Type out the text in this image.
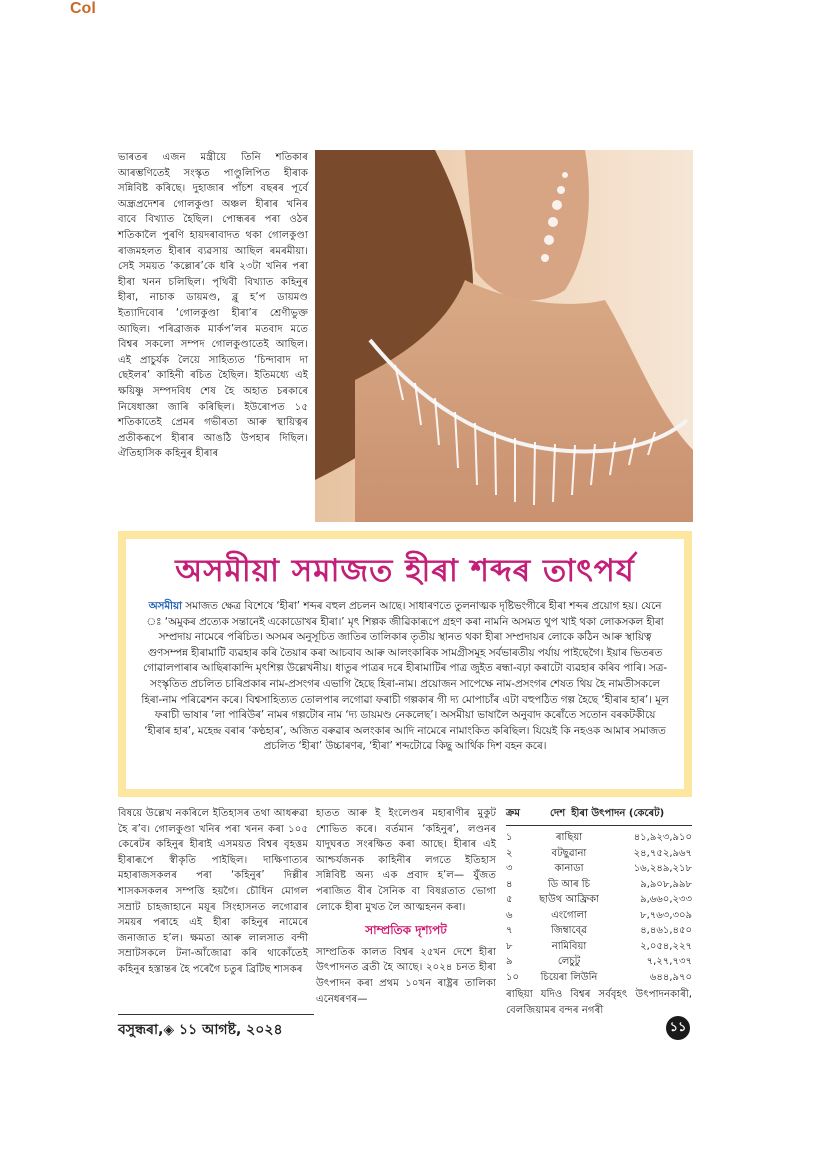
Col
ভাৰতৰ এজন মন্ত্ৰীয়ে তিনি শতিকাৰ আৰম্ভণিতেই সংস্কৃত পাণ্ডুলিপিত হীৰাক সন্নিবিষ্ট কৰিছে। দুহাজাৰ পাঁচশ বছৰৰ পূৰ্বে অন্ধ্ৰপ্ৰদেশৰ গোলকুণ্ডা অঞ্চল হীৰাৰ খনিৰ বাবে বিখ্যাত হৈছিল। পোন্ধৰৰ পৰা ওঠৰ শতিকালৈ পুৰণি হায়দৰাবাদত থকা গোলকুণ্ডা ৰাজমহলত হীৰাৰ ব্যৱসায় আছিল ৰমৰমীয়া। সেই সময়ত ‘কল্লোৰ’কে ধৰি ২৩টা খনিৰ পৰা হীৰা খনন চলিছিল। পৃথিবী বিখ্যাত কহিনুৰ হীৰা, নাচাক ডায়মণ্ড, ব্লু হ’প ডায়মণ্ড ইত্যাদিবোৰ ‘গোলকুণ্ডা হীৰা’ৰ শ্ৰেণীভুক্ত আছিল। পৰিব্ৰাজক মাৰ্কপ’লৰ মতবাদ মতে বিশ্বৰ সকলো সম্পদ গোলকুণ্ডাতেই আছিল। এই প্ৰাচুৰ্যক লৈয়ে সাহিত্যত ‘চিন্দাবাদ দা ছেইলৰ’ কাহিনী ৰচিত হৈছিল। ইতিমধ্যে এই ক্ষয়িষ্ণু সম্পদবিধ শেষ হৈ অহাত চৰকাৰে নিষেধাজ্ঞা জাৰি কৰিছিল। ইউৰোপত ১৫ শতিকাতেই প্ৰেমৰ গভীৰতা আৰু স্থায়িত্বৰ প্ৰতীকৰূপে হীৰাৰ আঙঠি উপহাৰ দিছিল। ঐতিহাসিক কহিনুৰ হীৰাৰ
অসমীয়া সমাজত হীৰা শব্দৰ তাৎপৰ্য
অসমীয়া সমাজত ক্ষেত্ৰ বিশেষে ‘হীৰা’ শব্দৰ বহুল প্ৰচলন আছে। সাধাৰণতে তুলনাত্মক দৃষ্টিভংগীৰে হীৰা শব্দৰ প্ৰয়োগ হয়। যেনে ঃ ‘অমুকৰ প্ৰত্যেক সন্তানেই একোডোখৰ হীৰা।’ মৃৎ শিল্পক জীৱিকাৰূপে গ্ৰহণ কৰা নামনি অসমত থুপ খাই থকা লোকসকল হীৰা সম্প্ৰদায় নামেৰে পৰিচিত। অসমৰ অনুসূচিত জাতিৰ তালিকাৰ তৃতীয় স্থানত থকা হীৰা সম্প্ৰদায়ৰ লোকে কঠিন আৰু স্থায়িত্ব গুণসম্পন্ন হীৰামাটি ব্যৱহাৰ কৰি তৈয়াৰ কৰা আচবাব আৰু আলংকাৰিক সামগ্ৰীসমূহ সৰ্বভাৰতীয় পৰ্যায় পাইছেগৈ। ইয়াৰ ভিতৰত গোৱালপাৰাৰ আছিৰাকান্দি মৃৎশিল্প উল্লেখনীয়। ধাতুৰ পাত্ৰৰ দৰে হীৰামাটিৰ পাত্ৰ জুইত ৰন্ধা-বঢ়া কৰাটো ব্যৱহাৰ কৰিব পাৰি। সত্ৰ-সংস্কৃতিত প্ৰচলিত চাৰিপ্ৰকাৰ নাম-প্ৰসংগৰ এভাগি হৈছে হিৰা-নাম। প্ৰয়োজন সাপেক্ষে নাম-প্ৰসংগৰ শেষত থিয় হৈ নামতীসকলে হিৰা-নাম পৰিৱেশন কৰে। বিশ্বসাহিত্যত তোলপাৰ লগোৱা ফৰাচী গল্পকাৰ গী দ্য মোপাচাঁৰ এটা বহুপঠিত গল্প হৈছে ‘হীৰাৰ হাৰ’। মূল ফৰাচী ভাষাৰ ‘লা পাৰিউৰ’ নামৰ গল্পটোৰ নাম ‘দ্য ডায়মণ্ড নেকলেছ’। অসমীয়া ভাষালৈ অনুবাদ কৰোঁতে সতোন বৰকটকীয়ে ‘হীৰাৰ হাৰ’, মহেন্দ্ৰ বৰাৰ ‘কণ্ঠহাৰ’, অজিত বৰুৱাৰ অলংকাৰ আদি নামেৰে নামাংকিত কৰিছিল। যিয়েই কি নহওক আমাৰ সমাজত প্ৰচলিত ‘হীৰা’ উচ্চাৰণৰ, ‘হীৰা’ শব্দটোৱে কিছু আৰ্থিক দিশ বহন কৰে।
বিষয়ে উল্লেখ নকৰিলে ইতিহাসৰ তথা আধৰুৱা হৈ ৰ’ব। গোলকুণ্ডা খনিৰ পৰা খনন কৰা ১০৫ কেৰেটৰ কহিনুৰ হীৰাই এসময়ত বিশ্বৰ বৃহত্তম হীৰাৰূপে স্বীকৃতি পাইছিল। দাক্ষিণাত্যৰ মহাৰাজসকলৰ পৰা ‘কহিনুৰ’ দিল্লীৰ শাসকসকলৰ সম্পত্তি হয়গৈ। চৌধিন মোগল সম্ৰাট চাহজাহানে ময়ূৰ সিংহাসনত লগোৱাৰ সময়ৰ পৰাহে এই হীৰা কহিনুৰ নামেৰে জনাজাত হ’ল। ক্ষমতা আৰু লালসাত বন্দী সম্ৰাটসকলে টনা-আঁজোৱা কৰি থাকোঁতেই কহিনুৰ হস্তান্তৰ হৈ পৰেগৈ চতুৰ ব্ৰিটিছ শাসকৰ
হাতত আৰু ই ইংলেণ্ডৰ মহাৰাণীৰ মুকুট শোভিত কৰে। বৰ্তমান ‘কহিনুৰ’, লণ্ডনৰ যাদুঘৰত সংৰক্ষিত কৰা আছে। হীৰাৰ এই আশ্চৰ্যজনক কাহিনীৰ লগতে ইতিহাস সন্নিবিষ্ট অন্য এক প্ৰবাদ হ’ল— যুঁজত পৰাজিত বীৰ সৈনিক বা বিষণ্ণতাত ভোগা লোকে হীৰা মুখত লৈ আত্মহনন কৰা।
সাম্প্ৰতিক দৃশ্যপট
সাম্প্ৰতিক কালত বিশ্বৰ ২৫খন দেশে হীৰা উৎপাদনত ব্ৰতী হৈ আছে। ২০২৪ চনত হীৰা উৎপাদন কৰা প্ৰথম ১০খন ৰাষ্ট্ৰৰ তালিকা এনেধৰণৰ—
ক্ৰম	দেশ হীৰা উৎপাদন (কেৰেট)
১	ৰাছিয়া	৪১,৯২৩,৯১০
২	বটছুৱানা	২৪,৭৫২,৯৬৭
৩	কানাডা	১৬,২৪৯,২১৮
৪	ডি আৰ চি	৯,৯০৮,৯৯৮
৫	ছাউথ আফ্ৰিকা	৯,৬৬০,২৩৩
৬	এংগোলা	৮,৭৬৩,৩০৯
৭	জিম্বাব্ৱে	৪,৪৬১,৪৫০
৮	নামিবিয়া	২,০৫৪,২২৭
৯	লেচুটু	৭,২৭,৭৩৭
১০	চিয়েৰা লিউনি	৬৪৪,৯৭০
ৰাছিয়া যদিও বিশ্বৰ সৰ্ববৃহৎ উৎপাদনকাৰী, বেলজিয়ামৰ বন্দৰ নগৰী
বসুন্ধৰা,◈ ১১ আগষ্ট, ২০২৪	১১
